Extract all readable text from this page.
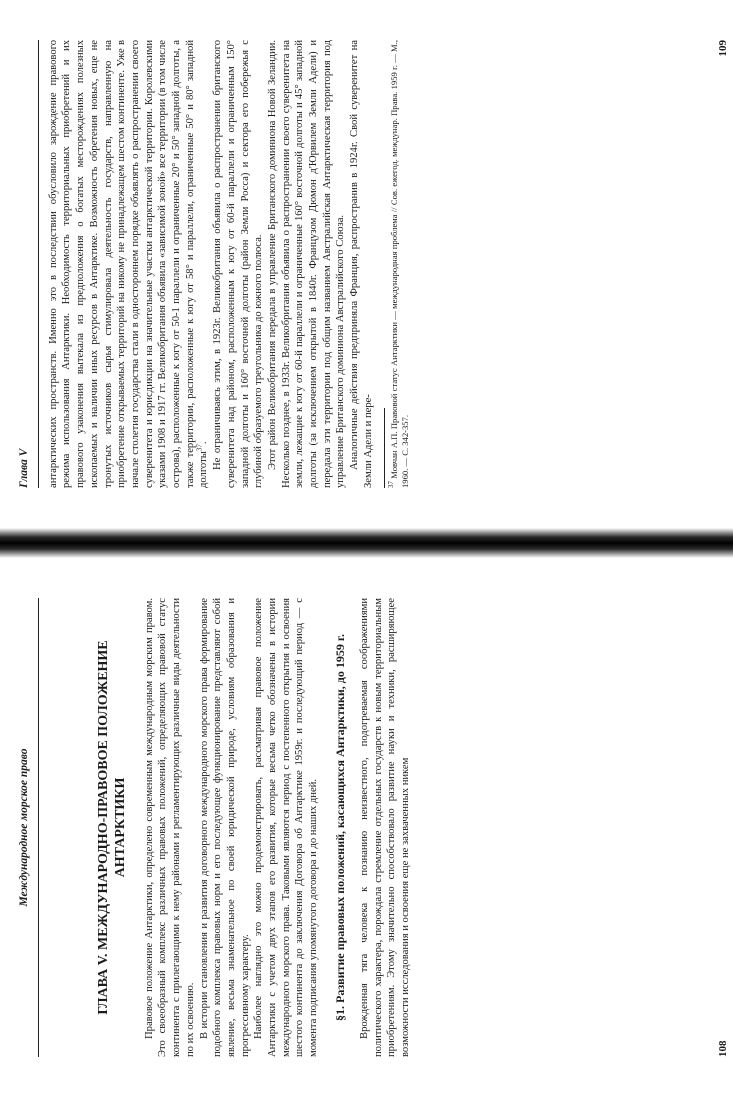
Глава V	антарктических пространств. Именно это в последствии обусловило зарождение правового режима использования Антарктики. Необходимость территориальных приобретений и их правового узаконения вытекала из предположения о богатых месторождениях полезных ископаемых и наличии иных ресурсов в Антарктике. Возможность обретения новых, еще не тронутых источников сырья стимулировала деятельность государств, направленную на приобретение открываемых территорий на никому не принадлежащем шестом континенте. Уже в начале столетия государства стали в одностороннем порядке объявлять о распространении своего суверенитета и юрисдикции на значительные участки антарктической территории. Королевскими указами 1908 и 1917 гг. Великобритания объявила «зависимой зоной» все территории (в том числе острова), расположенные к югу от 50-1 параллели и ограниченные 20° и 50° западной долготы, а также территории, расположенные к югу от 58° и параллели, ограниченные 50° и 80° западной долготы$^{37}$. Не ограничиваясь этим, в 1923г. Великобритания объявила о распространении британского суверенитета над районом, расположенным к югу от 60-й параллели и ограниченным 150° западной долготы и 160° восточной долготы (район Земли Росса) и сектора его побережья с глубиной образуемого треугольника до южного полюса. Этот район Великобритания передала в управление Британского доминиона Новой Зеландии. Несколько позднее, в 1933г. Великобритания объявила о распространении своего суверенитета на земли, лежащие к югу от 60-й параллели и ограниченные 160° восточной долготы и 45° западной долготы (за исключением открытой в 1840г. Французом Дюмон д'Юрвилем Земли Адели) и передала эти территории под общим названием Австралийская Антарктическая территория под управление Британского доминиона Австралийского Союза. Аналогичные действия предприняла Франция, распространив в 1924г. Свой суверенитет на Земли Адели и пере- $^{37}$ Мовчан А.П. Правовой статус Антарктики — международная проблема // Сов. ежегод. междунар. Права. 1959 г. — М., 1960. — С. 342-357.
109
Международное морское право	ГЛАВА V. МЕЖДУНАРОДНО-ПРАВОВОЕ ПОЛОЖЕНИЕ АНТАРКТИКИ Правовое положение Антарктики, определено современным международным морским правом. Это своеобразный комплекс различных правовых положений, определяющих правовой статус континента с прилегающими к нему районами и регламентирующих различные виды деятельности по их освоению. В истории становления и развития договорного международного морского права формирование подобного комплекса правовых норм и его последующее функционирование представляют собой явление, весьма знаменательное по своей юридической природе, условиям образования и прогрессивному характеру. Наиболее наглядно это можно продемонстрировать, рассматривая правовое положение Антарктики с учетом двух этапов его развития, которые весьма четко обозначены в истории международного морского права. Таковыми являются период с постепенного открытия и освоения шестого континента до заключения Договора об Антарктике 1959г. и последующий период — с момента подписания упомянутого договора и до наших дней. §1. Развитие правовых положений, касающихся Антарктики, до 1959 г. Врожденная тяга человека к познанию неизвестного, подогреваемая соображениями политического характера, порождала стремление отдельных государств к новым территориальным приобретениям. Этому значительно способствовало развитие науки и техники, расширяющее возможности исследования и освоения еще не захваченных никем	108
